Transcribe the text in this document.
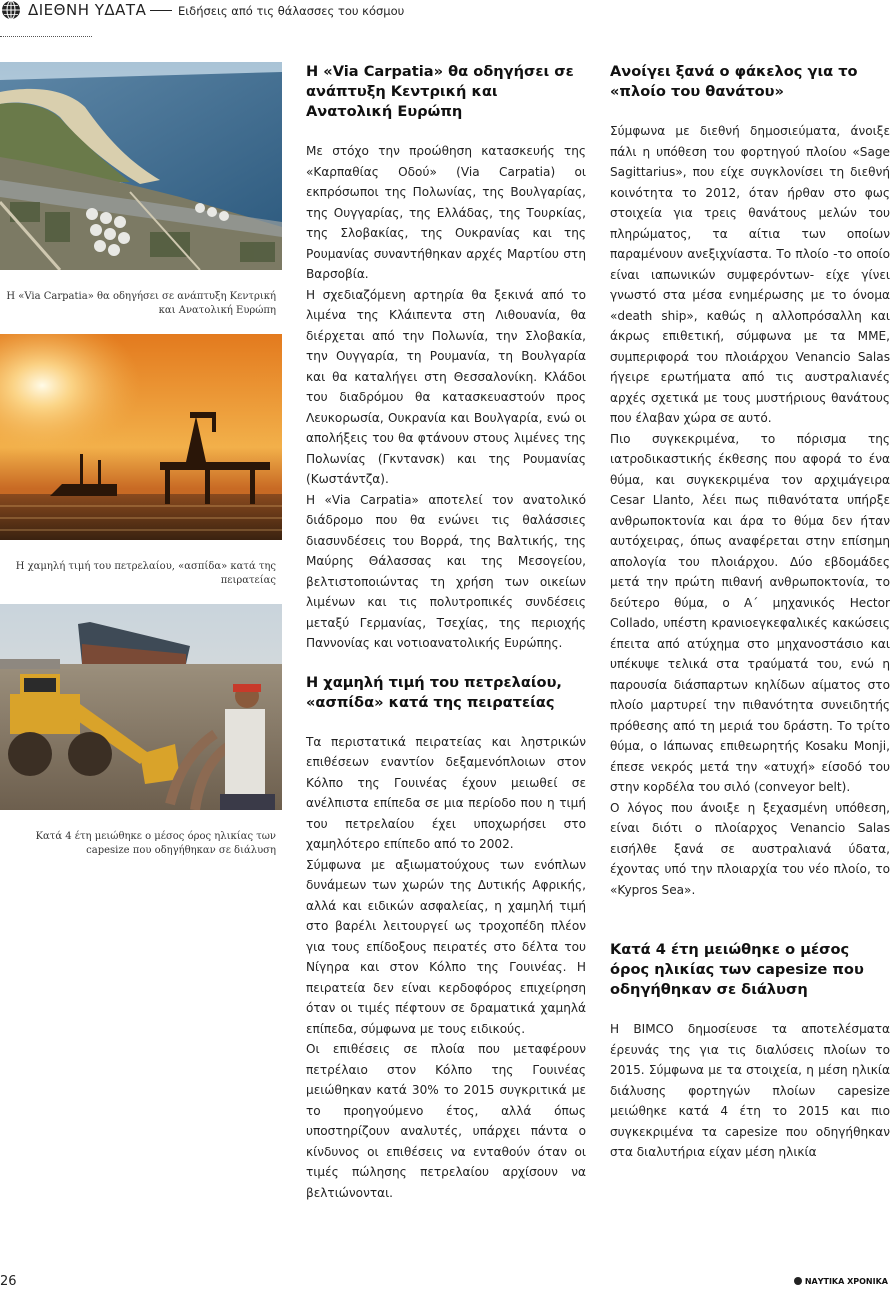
ΔΙΕΘΝΗ ΥΔΑΤΑ	Ειδήσεις από τις θάλασσες του κόσμου
Η «Via Carpatia» θα οδηγήσει σε ανάπτυξη Κεντρική και Ανατολική Ευρώπη
Η χαμηλή τιμή του πετρελαίου, «ασπίδα» κατά της πειρατείας
Κατά 4 έτη μειώθηκε ο μέσος όρος ηλικίας των capesize που οδηγήθηκαν σε διάλυση
Η «Via Carpatia» θα οδηγήσει σε ανάπτυξη Κεντρική και Ανατολική Ευρώπη

Με στόχο την προώθηση κατασκευής της «Καρπαθίας Οδού» (Via Carpatia) οι εκπρόσωποι της Πολωνίας, της Βουλγαρίας, της Ουγγαρίας, της Ελλάδας, της Τουρκίας, της Σλοβακίας, της Ουκρανίας και της Ρουμανίας συναντήθηκαν αρχές Μαρτίου στη Βαρσοβία.

Η σχεδιαζόμενη αρτηρία θα ξεκινά από το λιμένα της Κλάιπεντα στη Λιθουανία, θα διέρχεται από την Πολωνία, την Σλοβακία, την Ουγγαρία, τη Ρουμανία, τη Βουλγαρία και θα καταλήγει στη Θεσσαλονίκη. Κλάδοι του διαδρόμου θα κατασκευαστούν προς Λευκορωσία, Ουκρανία και Βουλγαρία, ενώ οι απολήξεις του θα φτάνουν στους λιμένες της Πολωνίας (Γκντανσκ) και της Ρουμανίας (Κωστάντζα).

Η «Via Carpatia» αποτελεί τον ανατολικό διάδρομο που θα ενώνει τις θαλάσσιες διασυνδέσεις του Βορρά, της Βαλτικής, της Μαύρης Θάλασσας και της Μεσογείου, βελτιστοποιώντας τη χρήση των οικείων λιμένων και τις πολυτροπικές συνδέσεις μεταξύ Γερμανίας, Τσεχίας, της περιοχής Παννονίας και νοτιοανατολικής Ευρώπης.

Η χαμηλή τιμή του πετρελαίου, «ασπίδα» κατά της πειρατείας

Τα περιστατικά πειρατείας και ληστρικών επιθέσεων εναντίον δεξαμενόπλοιων στον Κόλπο της Γουινέας έχουν μειωθεί σε ανέλπιστα επίπεδα σε μια περίοδο που η τιμή του πετρελαίου έχει υποχωρήσει στο χαμηλότερο επίπεδο από το 2002.

Σύμφωνα με αξιωματούχους των ενόπλων δυνάμεων των χωρών της Δυτικής Αφρικής, αλλά και ειδικών ασφαλείας, η χαμηλή τιμή στο βαρέλι λειτουργεί ως τροχοπέδη πλέον για τους επίδοξους πειρατές στο δέλτα του Νίγηρα και στον Κόλπο της Γουινέας. Η πειρατεία δεν είναι κερδοφόρος επιχείρηση όταν οι τιμές πέφτουν σε δραματικά χαμηλά επίπεδα, σύμφωνα με τους ειδικούς.

Οι επιθέσεις σε πλοία που μεταφέρουν πετρέλαιο στον Κόλπο της Γουινέας μειώθηκαν κατά 30% το 2015 συγκριτικά με το προηγούμενο έτος, αλλά όπως υποστηρίζουν αναλυτές, υπάρχει πάντα ο κίνδυνος οι επιθέσεις να ενταθούν όταν οι τιμές πώλησης πετρελαίου αρχίσουν να βελτιώνονται.

Ανοίγει ξανά ο φάκελος για το «πλοίο του θανάτου»

Σύμφωνα με διεθνή δημοσιεύματα, άνοιξε πάλι η υπόθεση του φορτηγού πλοίου «Sage Sagittarius», που είχε συγκλονίσει τη διεθνή κοινότητα το 2012, όταν ήρθαν στο φως στοιχεία για τρεις θανάτους μελών του πληρώματος, τα αίτια των οποίων παραμένουν ανεξιχνίαστα. Το πλοίο -το οποίο είναι ιαπωνικών συμφερόντων- είχε γίνει γνωστό στα μέσα ενημέρωσης με το όνομα «death ship», καθώς η αλλοπρόσαλλη και άκρως επιθετική, σύμφωνα με τα ΜΜΕ, συμπεριφορά του πλοιάρχου Venancio Salas ήγειρε ερωτήματα από τις αυστραλιανές αρχές σχετικά με τους μυστήριους θανάτους που έλαβαν χώρα σε αυτό.

Πιο συγκεκριμένα, το πόρισμα της ιατροδικαστικής έκθεσης που αφορά το ένα θύμα, και συγκεκριμένα τον αρχιμάγειρα Cesar Llanto, λέει πως πιθανότατα υπήρξε ανθρωποκτονία και άρα το θύμα δεν ήταν αυτόχειρας, όπως αναφέρεται στην επίσημη απολογία του πλοιάρχου. Δύο εβδομάδες μετά την πρώτη πιθανή ανθρωποκτονία, το δεύτερο θύμα, ο Α΄ μηχανικός Hector Collado, υπέστη κρανιοεγκεφαλικές κακώσεις έπειτα από ατύχημα στο μηχανοστάσιο και υπέκυψε τελικά στα τραύματά του, ενώ η παρουσία διάσπαρτων κηλίδων αίματος στο πλοίο μαρτυρεί την πιθανότητα συνειδητής πρόθεσης από τη μεριά του δράστη. Το τρίτο θύμα, ο Ιάπωνας επιθεωρητής Kosaku Monji, έπεσε νεκρός μετά την «ατυχή» είσοδό του στην κορδέλα του σιλό (conveyor belt).

Ο λόγος που άνοιξε η ξεχασμένη υπόθεση, είναι διότι ο πλοίαρχος Venancio Salas εισήλθε ξανά σε αυστραλιανά ύδατα, έχοντας υπό την πλοιαρχία του νέο πλοίο, το «Kypros Sea».

Κατά 4 έτη μειώθηκε ο μέσος όρος ηλικίας των capesize που οδηγήθηκαν σε διάλυση

Η BIMCO δημοσίευσε τα αποτελέσματα έρευνάς της για τις διαλύσεις πλοίων το 2015. Σύμφωνα με τα στοιχεία, η μέση ηλικία διάλυσης φορτηγών πλοίων capesize μειώθηκε κατά 4 έτη το 2015 και πιο συγκεκριμένα τα capesize που οδηγήθηκαν στα διαλυτήρια είχαν μέση ηλικία

26	ΝΑΥΤΙΚΑ ΧΡΟΝΙΚΑ
